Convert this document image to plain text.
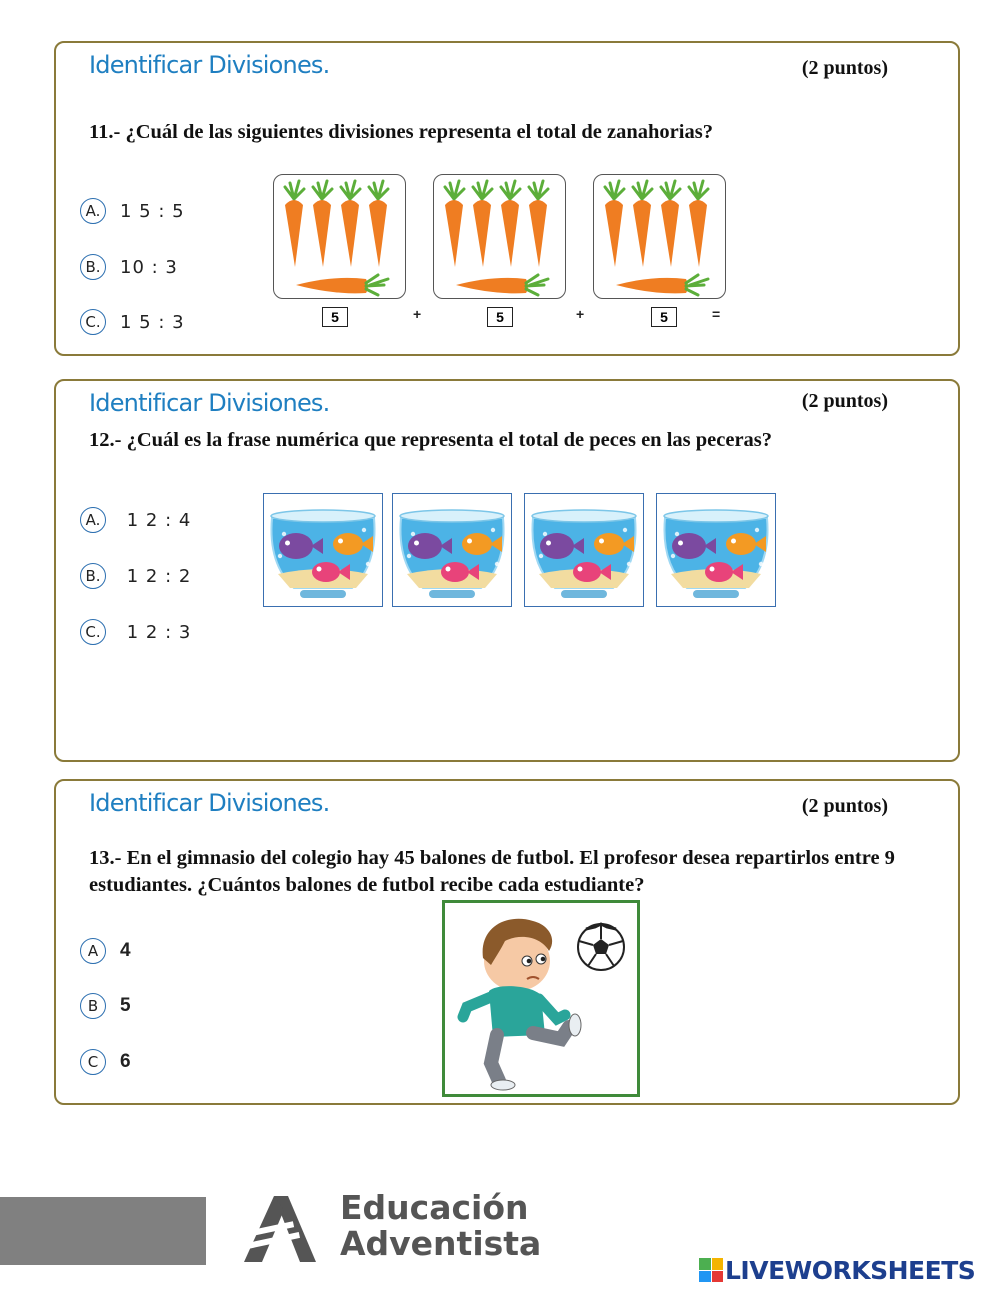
Identificar Divisiones.	(2 puntos)
11.- ¿Cuál de las siguientes divisiones representa el total de zanahorias?
A.	1 5 : 5
B.	10 : 3
C. 1 5 : 3	5	+	5	+	5	=
Identificar Divisiones.	(2 puntos)
12.- ¿Cuál es la frase numérica que representa el total de peces en las peceras?
A.	1 2 : 4
B.	1 2 : 2
C. 1 2 : 3
Identificar Divisiones.	(2 puntos)
13.- En el gimnasio del colegio hay 45 balones de futbol. El profesor desea repartirlos entre 9 estudiantes. ¿Cuántos balones de futbol recibe cada estudiante?
A	4
B	5
C	6
Educación
Adventista
LIVEWORKSHEETS
